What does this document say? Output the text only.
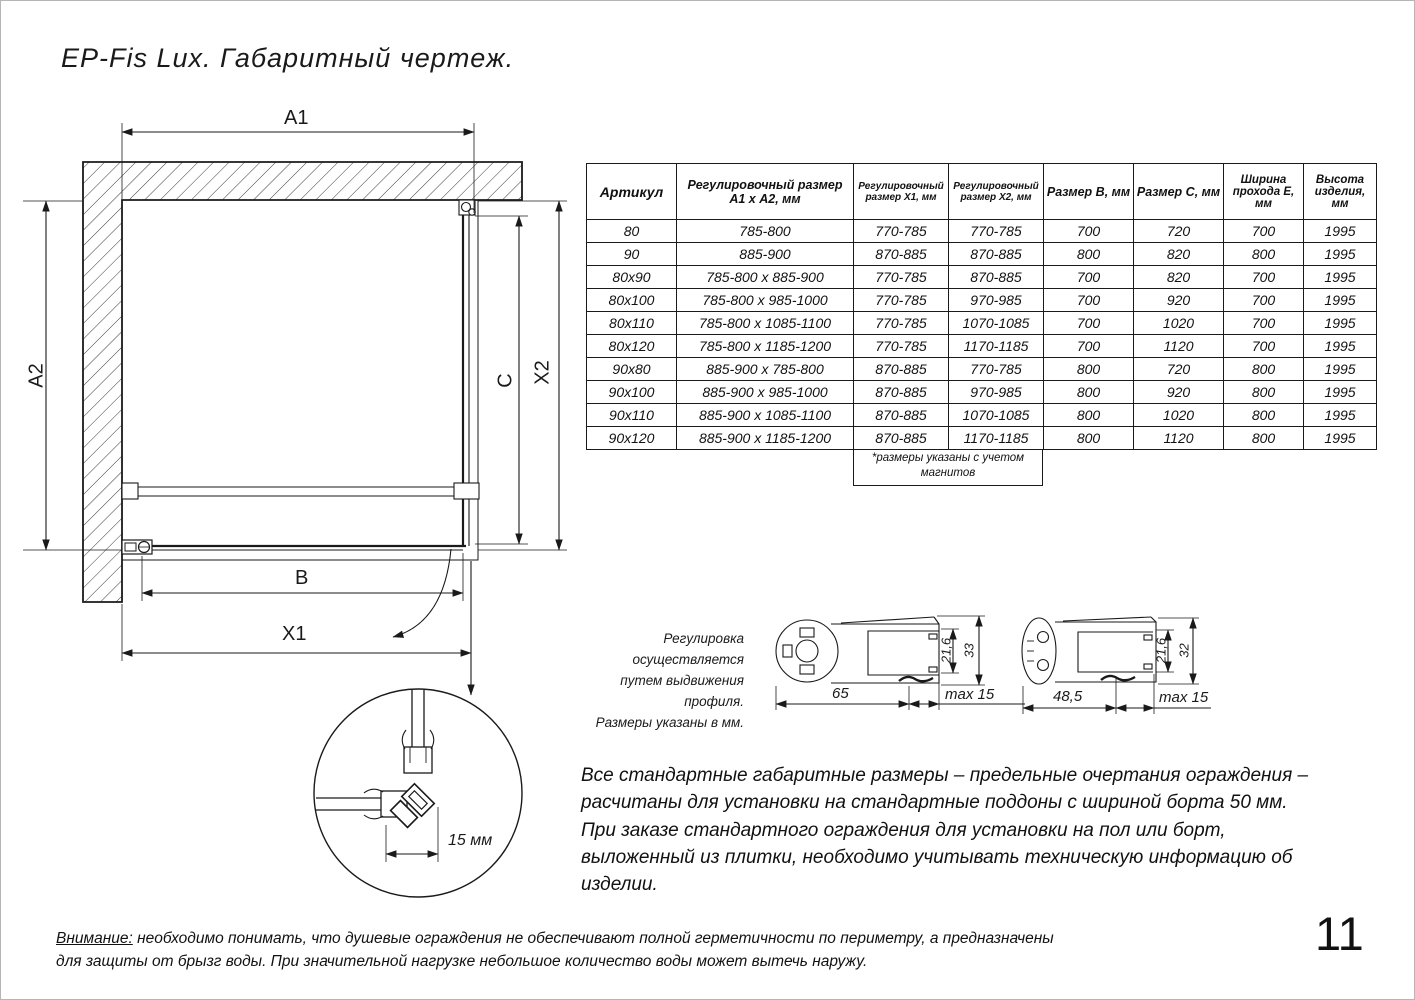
EP-Fis Lux. Габаритный чертеж.
A1
A2
B
X1
C X2
15 мм
65	max 15
21,6 33
48,5	max 15
21,6 32
Артикул	Регулировочный размер А1 х А2, мм	Регулировочный размер Х1, мм	Регулировочный размер Х2, мм	Размер В, мм	Размер С, мм	Ширина прохода Е, мм	Высота изделия, мм
80	785-800	770-785	770-785	700	720	700	1995
90	885-900	870-885	870-885	800	820	800	1995
80x90	785-800 x 885-900	770-785	870-885	700	820	700	1995
80x100	785-800 x 985-1000	770-785	970-985	700	920	700	1995
80x110	785-800 x 1085-1100	770-785	1070-1085	700	1020	700	1995
80x120	785-800 x 1185-1200	770-785	1170-1185	700	1120	700	1995
90x80	885-900 x 785-800	870-885	770-785	800	720	800	1995
90x100	885-900 x 985-1000	870-885	970-985	800	920	800	1995
90x110	885-900 x 1085-1100	870-885	1070-1085	800	1020	800	1995
90x120	885-900 x 1185-1200	870-885	1170-1185	800	1120	800	1995
*размеры указаны с учетом магнитов
Регулировка осуществляется
путем выдвижения профиля.
Размеры указаны в мм.
Все стандартные габаритные размеры – предельные очертания ограждения – расчитаны для установки на стандартные поддоны с шириной борта 50 мм. При заказе стандартного ограждения для установки на пол или борт, выложенный из плитки, необходимо учитывать техническую информацию об изделии.
Внимание: необходимо понимать, что душевые ограждения не обеспечивают полной герметичности по периметру, а предназначены для защиты от брызг воды. При значительной нагрузке небольшое количество воды может вытечь наружу.
11
